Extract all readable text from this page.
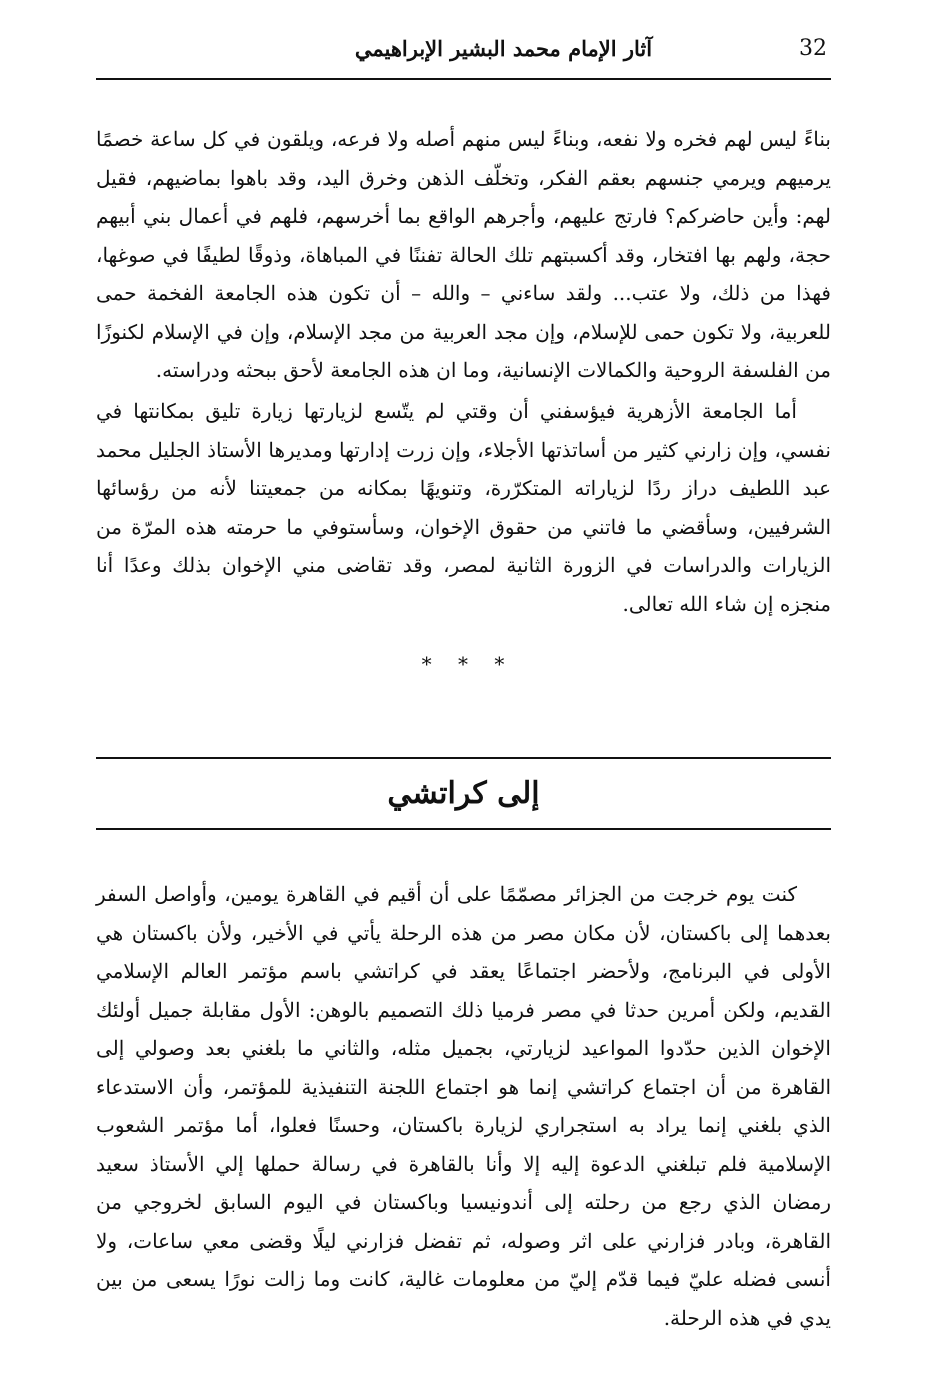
32
آثار الإمام محمد البشير الإبراهيمي

بناءً ليس لهم فخره ولا نفعه، وبناءً ليس منهم أصله ولا فرعه، ويلقون في كل ساعة خصمًا يرميهم ويرمي جنسهم بعقم الفكر، وتخلّف الذهن وخرق اليد، وقد باهوا بماضيهم، فقيل لهم: وأين حاضركم؟ فارتج عليهم، وأجرهم الواقع بما أخرسهم، فلهم في أعمال بني أبيهم حجة، ولهم بها افتخار، وقد أكسبتهم تلك الحالة تفننًا في المباهاة، وذوقًا لطيفًا في صوغها، فهذا من ذلك، ولا عتب... ولقد ساءني – والله – أن تكون هذه الجامعة الفخمة حمى للعربية، ولا تكون حمى للإسلام، وإن مجد العربية من مجد الإسلام، وإن في الإسلام لكنوزًا من الفلسفة الروحية والكمالات الإنسانية، وما ان هذه الجامعة لأحق ببحثه ودراسته.

أما الجامعة الأزهرية فيؤسفني أن وقتي لم يتّسع لزيارتها زيارة تليق بمكانتها في نفسي، وإن زارني كثير من أساتذتها الأجلاء، وإن زرت إدارتها ومديرها الأستاذ الجليل محمد عبد اللطيف دراز ردًا لزياراته المتكرّرة، وتنويهًا بمكانه من جمعيتنا لأنه من رؤسائها الشرفيين، وسأقضي ما فاتني من حقوق الإخوان، وسأستوفي ما حرمته هذه المرّة من الزيارات والدراسات في الزورة الثانية لمصر، وقد تقاضى مني الإخوان بذلك وعدًا أنا منجزه إن شاء الله تعالى.

* * *
إلى كراتشي

كنت يوم خرجت من الجزائر مصمّمًا على أن أقيم في القاهرة يومين، وأواصل السفر بعدهما إلى باكستان، لأن مكان مصر من هذه الرحلة يأتي في الأخير، ولأن باكستان هي الأولى في البرنامج، ولأحضر اجتماعًا يعقد في كراتشي باسم مؤتمر العالم الإسلامي القديم، ولكن أمرين حدثا في مصر فرميا ذلك التصميم بالوهن: الأول مقابلة جميل أولئك الإخوان الذين حدّدوا المواعيد لزيارتي، بجميل مثله، والثاني ما بلغني بعد وصولي إلى القاهرة من أن اجتماع كراتشي إنما هو اجتماع اللجنة التنفيذية للمؤتمر، وأن الاستدعاء الذي بلغني إنما يراد به استجراري لزيارة باكستان، وحسنًا فعلوا، أما مؤتمر الشعوب الإسلامية فلم تبلغني الدعوة إليه إلا وأنا بالقاهرة في رسالة حملها إلي الأستاذ سعيد رمضان الذي رجع من رحلته إلى أندونيسيا وباكستان في اليوم السابق لخروجي من القاهرة، وبادر فزارني على اثر وصوله، ثم تفضل فزارني ليلًا وقضى معي ساعات، ولا أنسى فضله عليّ فيما قدّم إليّ من معلومات غالية، كانت وما زالت نورًا يسعى من بين يدي في هذه الرحلة.
